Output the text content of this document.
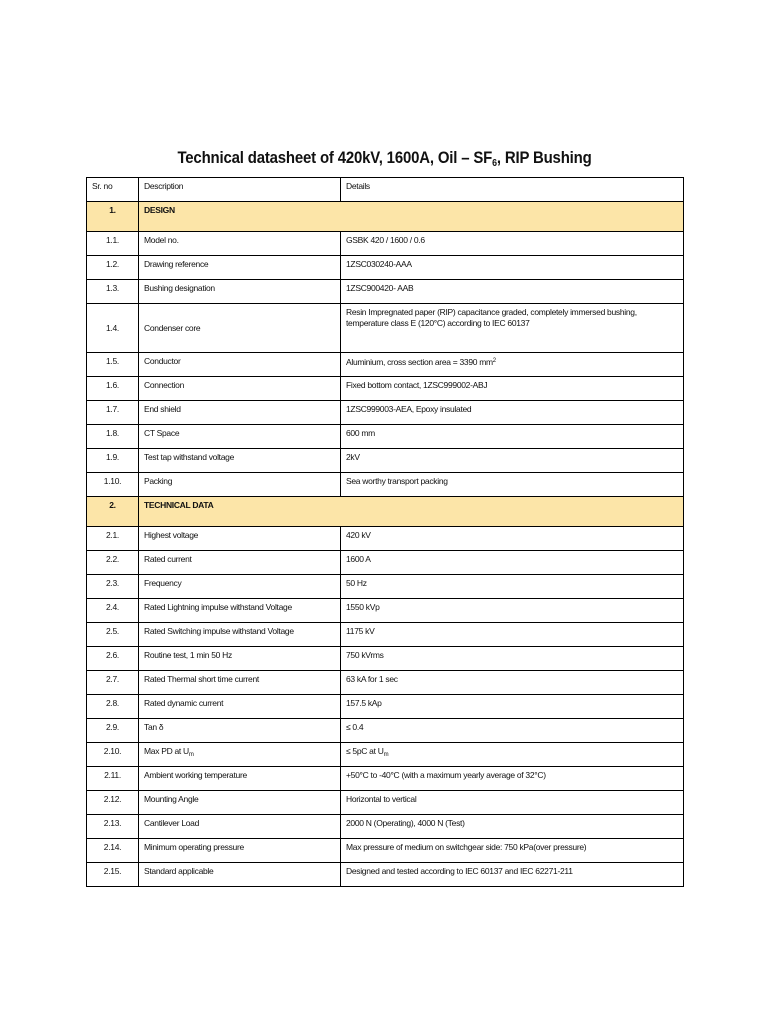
Technical datasheet of 420kV, 1600A, Oil – $SF_6$, RIP Bushing
Sr. no	Description	Details
1.	DESIGN	
1.1.	Model no.	GSBK 420 / 1600 / 0.6
1.2.	Drawing reference	1ZSC030240-AAA
1.3.	Bushing designation	1ZSC900420- AAB
1.4.	Condenser core	Resin Impregnated paper (RIP) capacitance graded, completely immersed bushing, temperature class E (120°C) according to IEC 60137
1.5.	Conductor	Aluminium, cross section area = 3390 $mm^2$
1.6.	Connection	Fixed bottom contact, 1ZSC999002-ABJ
1.7.	End shield	1ZSC999003-AEA, Epoxy insulated
1.8.	CT Space	600 mm
1.9.	Test tap withstand voltage	2kV
1.10.	Packing	Sea worthy transport packing
2.	TECHNICAL DATA	
2.1.	Highest voltage	420 kV
2.2.	Rated current	1600 A
2.3.	Frequency	50 Hz
2.4.	Rated Lightning impulse withstand Voltage	1550 kVp
2.5.	Rated Switching impulse withstand Voltage	1175 kV
2.6.	Routine test, 1 min 50 Hz	750 kVrms
2.7.	Rated Thermal short time current	63 kA for 1 sec
2.8.	Rated dynamic current	157.5 kAp
2.9.	Tan δ	≤ 0.4
2.10.	Max PD at $U_m$	≤ 5pC at $U_m$
2.11.	Ambient working temperature	+50°C to -40°C (with a maximum yearly average of 32°C)
2.12.	Mounting Angle	Horizontal to vertical
2.13.	Cantilever Load	2000 N (Operating), 4000 N (Test)
2.14.	Minimum operating pressure	Max pressure of medium on switchgear side: 750 kPa(over pressure)
2.15.	Standard applicable	Designed and tested according to IEC 60137 and IEC 62271-211
